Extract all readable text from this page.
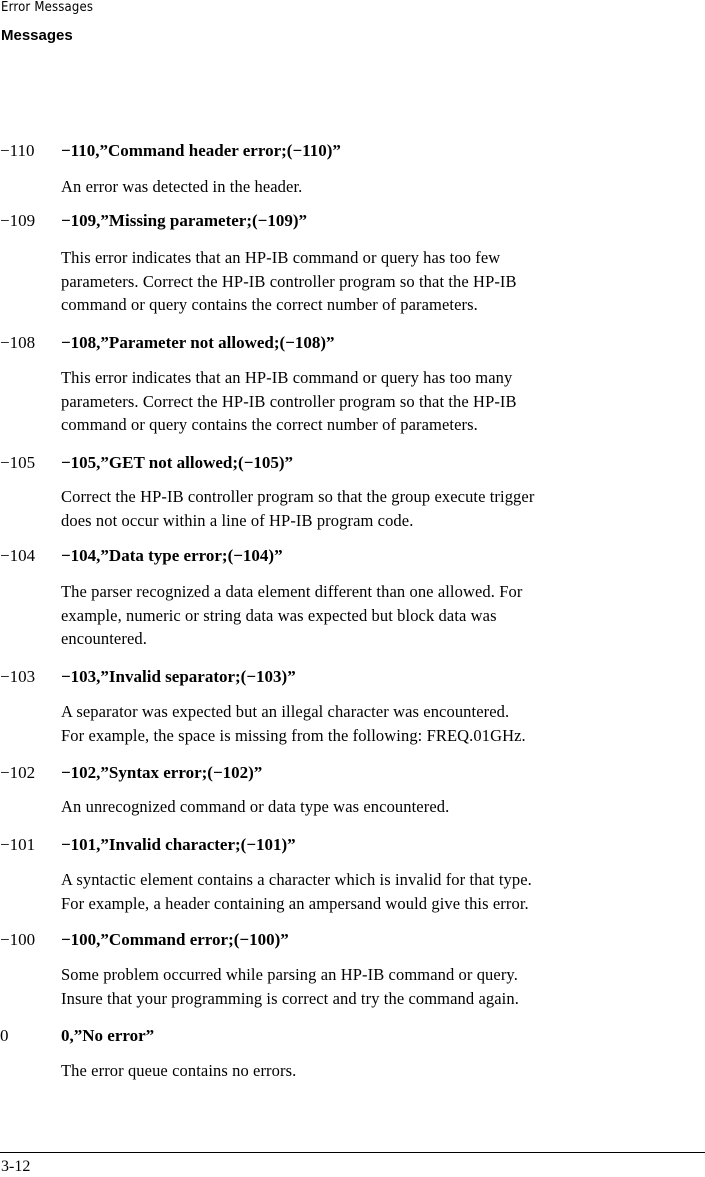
Error Messages
Messages
−110 −110,”Command header error;(−110)”
An error was detected in the header.
−109 −109,”Missing parameter;(−109)”
This error indicates that an HP-IB command or query has too few
parameters. Correct the HP-IB controller program so that the HP-IB
command or query contains the correct number of parameters.
−108 −108,”Parameter not allowed;(−108)”
This error indicates that an HP-IB command or query has too many
parameters. Correct the HP-IB controller program so that the HP-IB
command or query contains the correct number of parameters.
−105 −105,”GET not allowed;(−105)”
Correct the HP-IB controller program so that the group execute trigger
does not occur within a line of HP-IB program code.
−104 −104,”Data type error;(−104)”
The parser recognized a data element different than one allowed. For
example, numeric or string data was expected but block data was
encountered.
−103 −103,”Invalid separator;(−103)”
A separator was expected but an illegal character was encountered.
For example, the space is missing from the following: FREQ.01GHz.
−102 −102,”Syntax error;(−102)”
An unrecognized command or data type was encountered.
−101 −101,”Invalid character;(−101)”
A syntactic element contains a character which is invalid for that type.
For example, a header containing an ampersand would give this error.
−100 −100,”Command error;(−100)”
Some problem occurred while parsing an HP-IB command or query.
Insure that your programming is correct and try the command again.
0	0,”No error”
The error queue contains no errors.
3-12
